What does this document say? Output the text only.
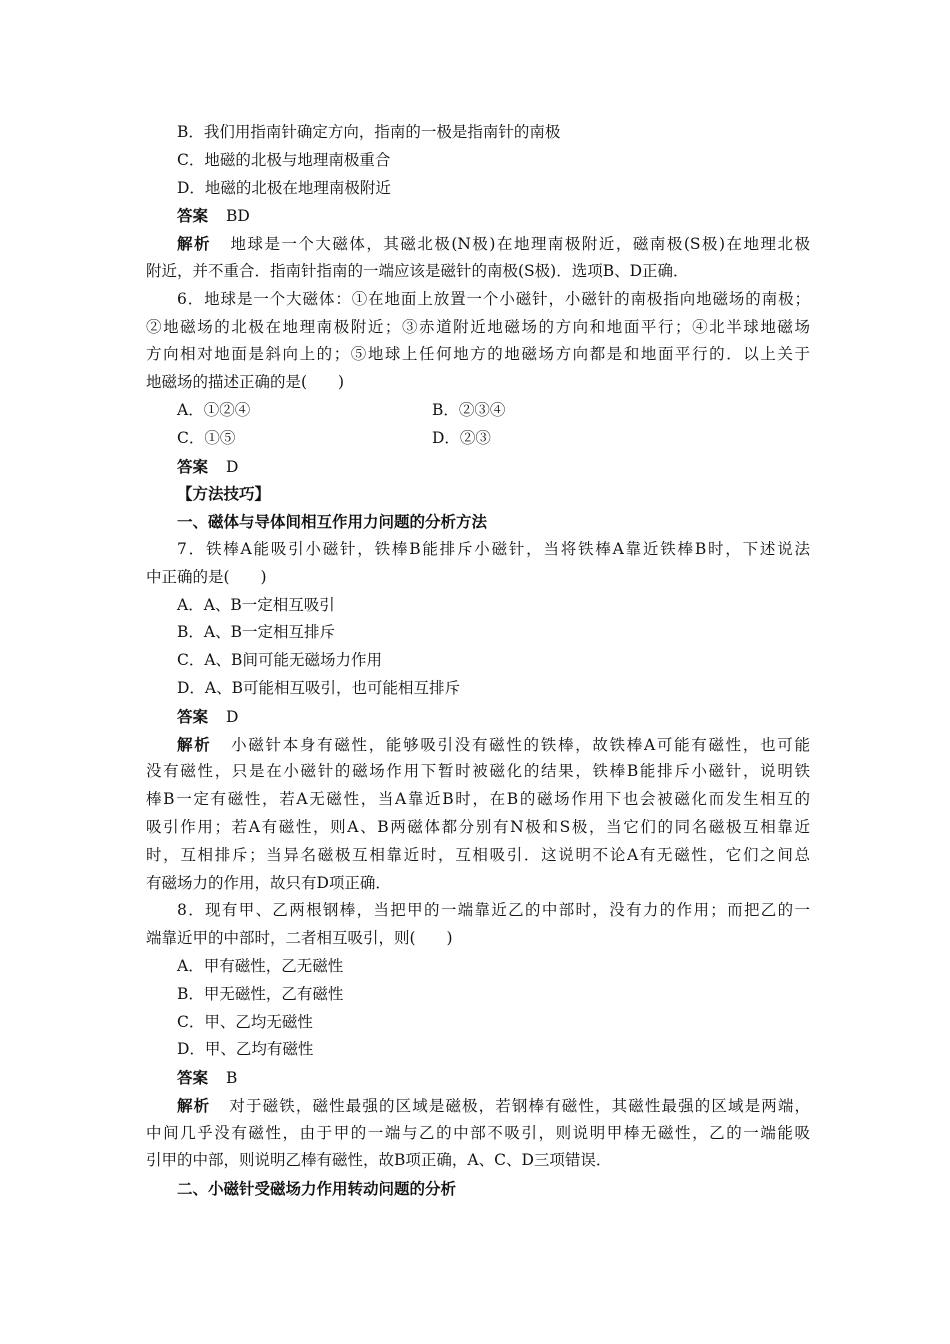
B．我们用指南针确定方向，指南的一极是指南针的南极
C．地磁的北极与地理南极重合
D．地磁的北极在地理南极附近
答案 BD
解析 地球是一个大磁体，其磁北极(N极)在地理南极附近，磁南极(S极)在地理北极
附近，并不重合．指南针指南的一端应该是磁针的南极(S极)．选项B、D正确．
6．地球是一个大磁体：①在地面上放置一个小磁针，小磁针的南极指向地磁场的南极；
②地磁场的北极在地理南极附近；③赤道附近地磁场的方向和地面平行；④北半球地磁场
方向相对地面是斜向上的；⑤地球上任何地方的地磁场方向都是和地面平行的．以上关于
地磁场的描述正确的是(　　)
A．①②④	B．②③④
C．①⑤	D．②③
答案 D
【方法技巧】
一、磁体与导体间相互作用力问题的分析方法
7．铁棒A能吸引小磁针，铁棒B能排斥小磁针，当将铁棒A靠近铁棒B时，下述说法
中正确的是(　　)
A．A、B一定相互吸引
B．A、B一定相互排斥
C．A、B间可能无磁场力作用
D．A、B可能相互吸引，也可能相互排斥
答案 D
解析 小磁针本身有磁性，能够吸引没有磁性的铁棒，故铁棒A可能有磁性，也可能
没有磁性，只是在小磁针的磁场作用下暂时被磁化的结果，铁棒B能排斥小磁针，说明铁
棒B一定有磁性，若A无磁性，当A靠近B时，在B的磁场作用下也会被磁化而发生相互的
吸引作用；若A有磁性，则A、B两磁体都分别有N极和S极，当它们的同名磁极互相靠近
时，互相排斥；当异名磁极互相靠近时，互相吸引．这说明不论A有无磁性，它们之间总
有磁场力的作用，故只有D项正确．
8．现有甲、乙两根钢棒，当把甲的一端靠近乙的中部时，没有力的作用；而把乙的一
端靠近甲的中部时，二者相互吸引，则(　　)
A．甲有磁性，乙无磁性
B．甲无磁性，乙有磁性
C．甲、乙均无磁性
D．甲、乙均有磁性
答案 B
解析 对于磁铁，磁性最强的区域是磁极，若钢棒有磁性，其磁性最强的区域是两端，
中间几乎没有磁性，由于甲的一端与乙的中部不吸引，则说明甲棒无磁性，乙的一端能吸
引甲的中部，则说明乙棒有磁性，故B项正确，A、C、D三项错误．
二、小磁针受磁场力作用转动问题的分析
